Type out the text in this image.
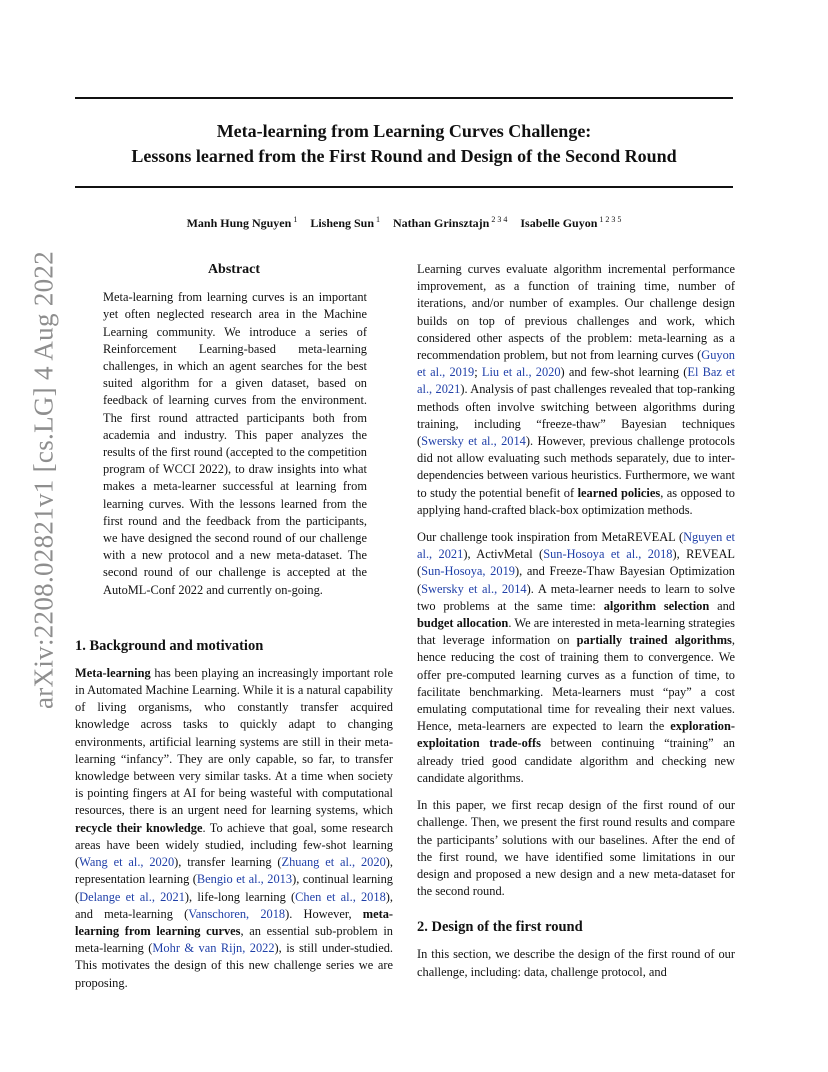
arXiv:2208.02821v1 [cs.LG] 4 Aug 2022
Meta-learning from Learning Curves Challenge:
Lessons learned from the First Round and Design of the Second Round
Manh Hung Nguyen $^1$ Lisheng Sun $^1$ Nathan Grinsztajn $^{2 3 4}$ Isabelle Guyon $^{1 2 3 5}$
Abstract

Meta-learning from learning curves is an important yet often neglected research area in the Machine Learning community. We introduce a series of Reinforcement Learning-based meta-learning challenges, in which an agent searches for the best suited algorithm for a given dataset, based on feedback of learning curves from the environment. The first round attracted participants both from academia and industry. This paper analyzes the results of the first round (accepted to the competition program of WCCI 2022), to draw insights into what makes a meta-learner successful at learning from learning curves. With the lessons learned from the first round and the feedback from the participants, we have designed the second round of our challenge with a new protocol and a new meta-dataset. The second round of our challenge is accepted at the AutoML-Conf 2022 and currently on-going.

1. Background and motivation

Meta-learning has been playing an increasingly important role in Automated Machine Learning. While it is a natural capability of living organisms, who constantly transfer acquired knowledge across tasks to quickly adapt to changing environments, artificial learning systems are still in their meta-learning “infancy”. They are only capable, so far, to transfer knowledge between very similar tasks. At a time when society is pointing fingers at AI for being wasteful with computational resources, there is an urgent need for learning systems, which recycle their knowledge. To achieve that goal, some research areas have been widely studied, including few-shot learning (Wang et al., 2020), transfer learning (Zhuang et al., 2020), representation learning (Bengio et al., 2013), continual learning (Delange et al., 2021), life-long learning (Chen et al., 2018), and meta-learning (Vanschoren, 2018). However, meta-learning from learning curves, an essential sub-problem in meta-learning (Mohr & van Rijn, 2022), is still under-studied. This motivates the design of this new challenge series we are proposing.

Learning curves evaluate algorithm incremental performance improvement, as a function of training time, number of iterations, and/or number of examples. Our challenge design builds on top of previous challenges and work, which considered other aspects of the problem: meta-learning as a recommendation problem, but not from learning curves (Guyon et al., 2019; Liu et al., 2020) and few-shot learning (El Baz et al., 2021). Analysis of past challenges revealed that top-ranking methods often involve switching between algorithms during training, including “freeze-thaw” Bayesian techniques (Swersky et al., 2014). However, previous challenge protocols did not allow evaluating such methods separately, due to inter-dependencies between various heuristics. Furthermore, we want to study the potential benefit of learned policies, as opposed to applying hand-crafted black-box optimization methods.

Our challenge took inspiration from MetaREVEAL (Nguyen et al., 2021), ActivMetal (Sun-Hosoya et al., 2018), REVEAL (Sun-Hosoya, 2019), and Freeze-Thaw Bayesian Optimization (Swersky et al., 2014). A meta-learner needs to learn to solve two problems at the same time: algorithm selection and budget allocation. We are interested in meta-learning strategies that leverage information on partially trained algorithms, hence reducing the cost of training them to convergence. We offer pre-computed learning curves as a function of time, to facilitate benchmarking. Meta-learners must “pay” a cost emulating computational time for revealing their next values. Hence, meta-learners are expected to learn the exploration-exploitation trade-offs between continuing “training” an already tried good candidate algorithm and checking new candidate algorithms.

In this paper, we first recap design of the first round of our challenge. Then, we present the first round results and compare the participants’ solutions with our baselines. After the end of the first round, we have identified some limitations in our design and proposed a new design and a new meta-dataset for the second round.

2. Design of the first round

In this section, we describe the design of the first round of our challenge, including: data, challenge protocol, and
